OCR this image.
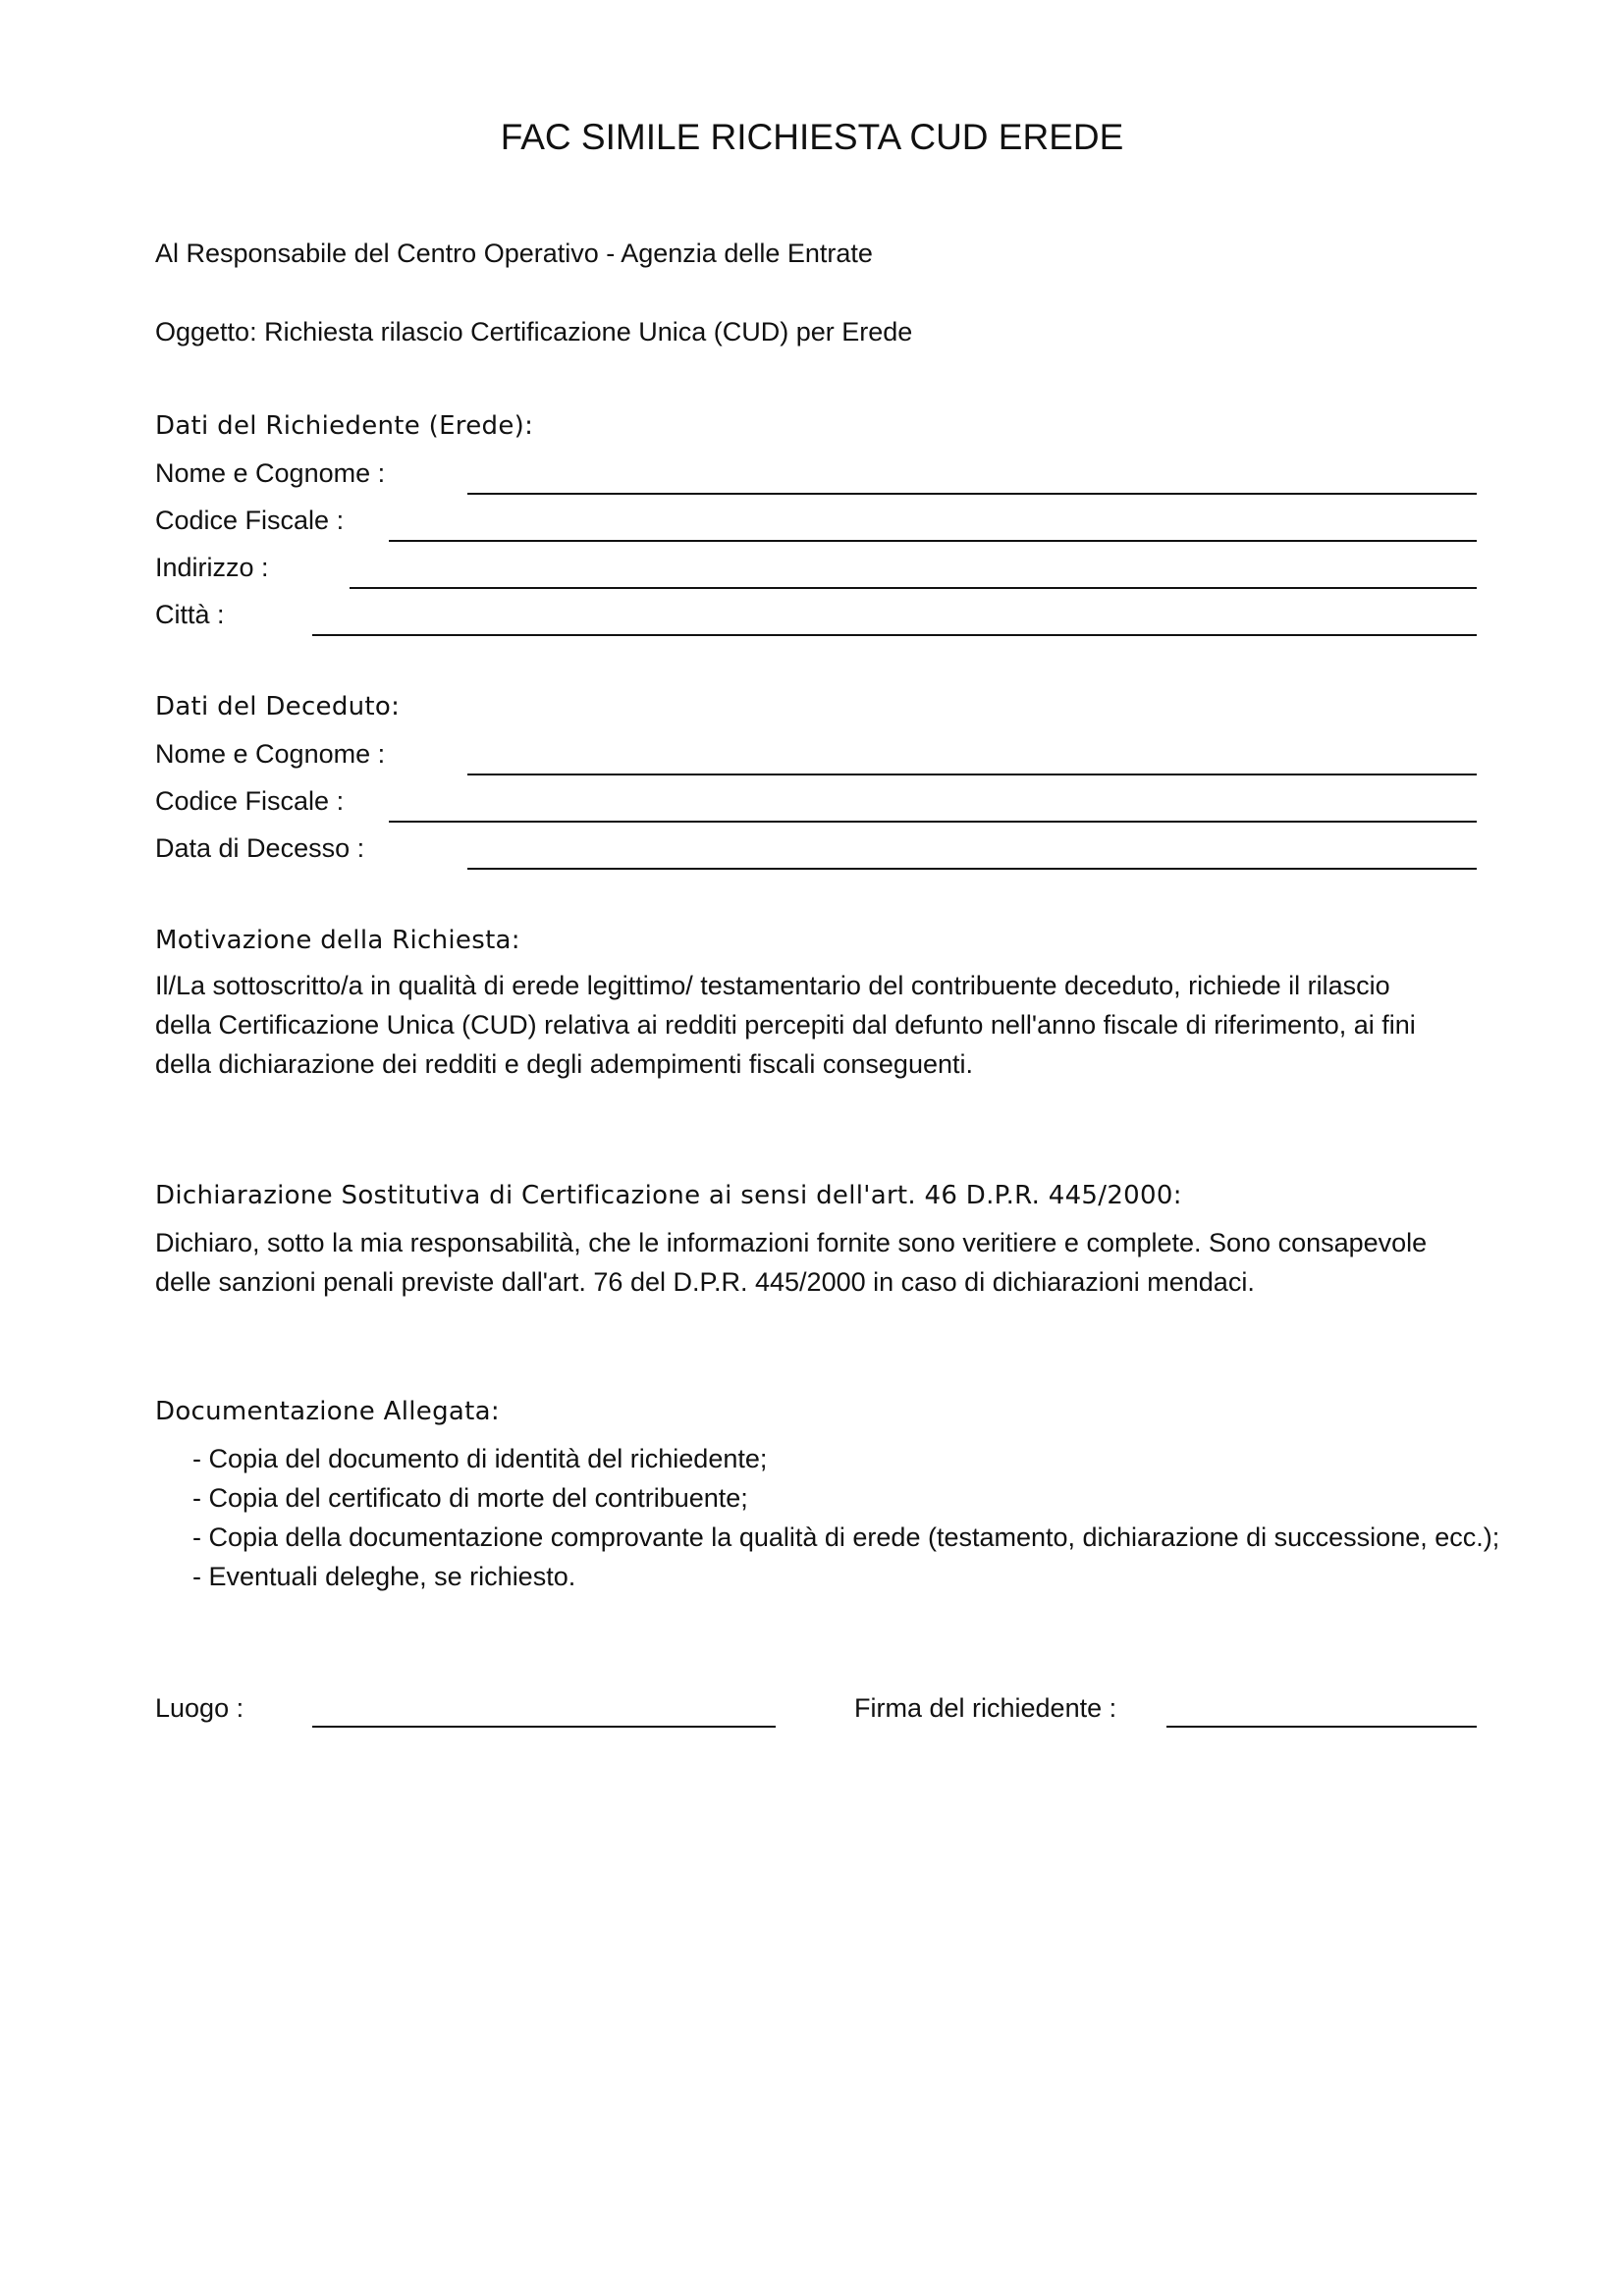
FAC SIMILE RICHIESTA CUD EREDE
Al Responsabile del Centro Operativo - Agenzia delle Entrate
Oggetto: Richiesta rilascio Certificazione Unica (CUD) per Erede
Dati del Richiedente (Erede):
Nome e Cognome :
Codice Fiscale :
Indirizzo :
Città :
Dati del Deceduto:
Nome e Cognome :
Codice Fiscale :
Data di Decesso :
Motivazione della Richiesta:
Il/La sottoscritto/a in qualità di erede legittimo/ testamentario del contribuente deceduto, richiede il rilascio
della Certificazione Unica (CUD) relativa ai redditi percepiti dal defunto nell'anno fiscale di riferimento, ai fini
della dichiarazione dei redditi e degli adempimenti fiscali conseguenti.
Dichiarazione Sostitutiva di Certificazione ai sensi dell'art. 46 D.P.R. 445/2000:
Dichiaro, sotto la mia responsabilità, che le informazioni fornite sono veritiere e complete. Sono consapevole
delle sanzioni penali previste dall'art. 76 del D.P.R. 445/2000 in caso di dichiarazioni mendaci.
Documentazione Allegata:
- Copia del documento di identità del richiedente;
- Copia del certificato di morte del contribuente;
- Copia della documentazione comprovante la qualità di erede (testamento, dichiarazione di successione, ecc.);
- Eventuali deleghe, se richiesto.
Luogo :	Firma del richiedente :
